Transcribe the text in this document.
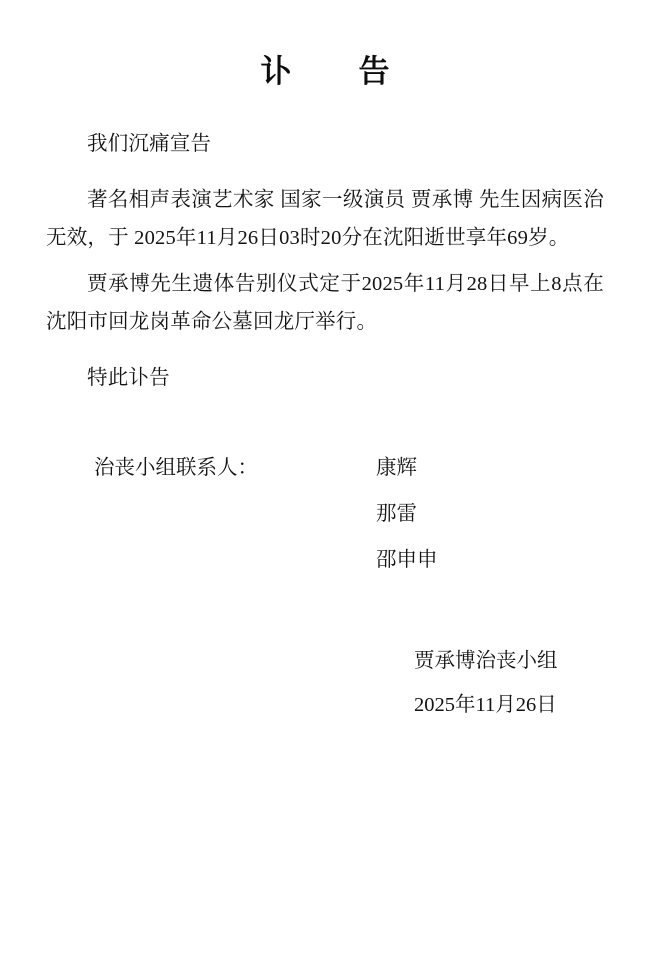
讣　告

我们沉痛宣告

著名相声表演艺术家 国家一级演员 贾承博 先生因病医治无效，于 2025年11月26日03时20分在沈阳逝世享年69岁。

贾承博先生遗体告别仪式定于2025年11月28日早上8点在沈阳市回龙岗革命公墓回龙厅举行。

特此讣告

治丧小组联系人：	康辉
那雷
邵申申
贾承博治丧小组
2025年11月26日
